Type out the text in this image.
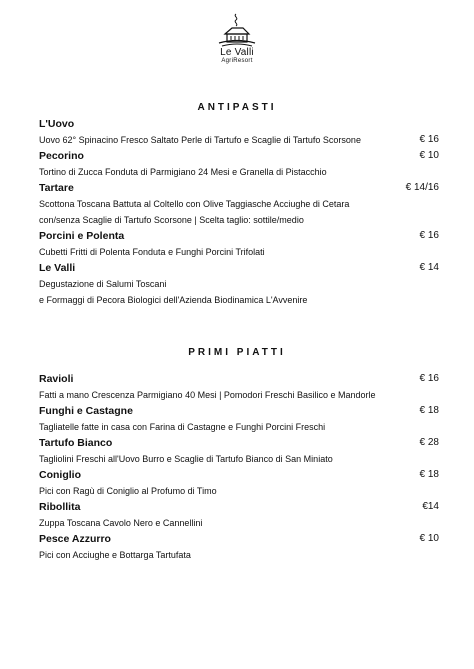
Le Valli
AgriResort
ANTIPASTI
L'Uovo
Uovo 62° Spinacino Fresco Saltato Perle di Tartufo e Scaglie di Tartufo Scorsone	€ 16
Pecorino
Tortino di Zucca Fonduta di Parmigiano 24 Mesi e Granella di Pistacchio
€ 10
Tartare
Scottona Toscana Battuta al Coltello con Olive Taggiasche Acciughe di Cetara
con/senza Scaglie di Tartufo Scorsone | Scelta taglio: sottile/medio
€ 14/16
Porcini e Polenta
Cubetti Fritti di Polenta Fonduta e Funghi Porcini Trifolati
€ 16
Le Valli
Degustazione di Salumi Toscani
e Formaggi di Pecora Biologici dell'Azienda Biodinamica L'Avvenire
€ 14
PRIMI PIATTI
Ravioli
Fatti a mano Crescenza Parmigiano 40 Mesi | Pomodori Freschi Basilico e Mandorle
€ 16
Funghi e Castagne
Tagliatelle fatte in casa con Farina di Castagne e Funghi Porcini Freschi
€ 18
Tartufo Bianco
Tagliolini Freschi all'Uovo Burro e Scaglie di Tartufo Bianco di San Miniato
€ 28
Coniglio
Pici con Ragù di Coniglio al Profumo di Timo
€ 18
Ribollita
Zuppa Toscana Cavolo Nero e Cannellini
€14
Pesce Azzurro
Pici con Acciughe e Bottarga Tartufata
€ 10
